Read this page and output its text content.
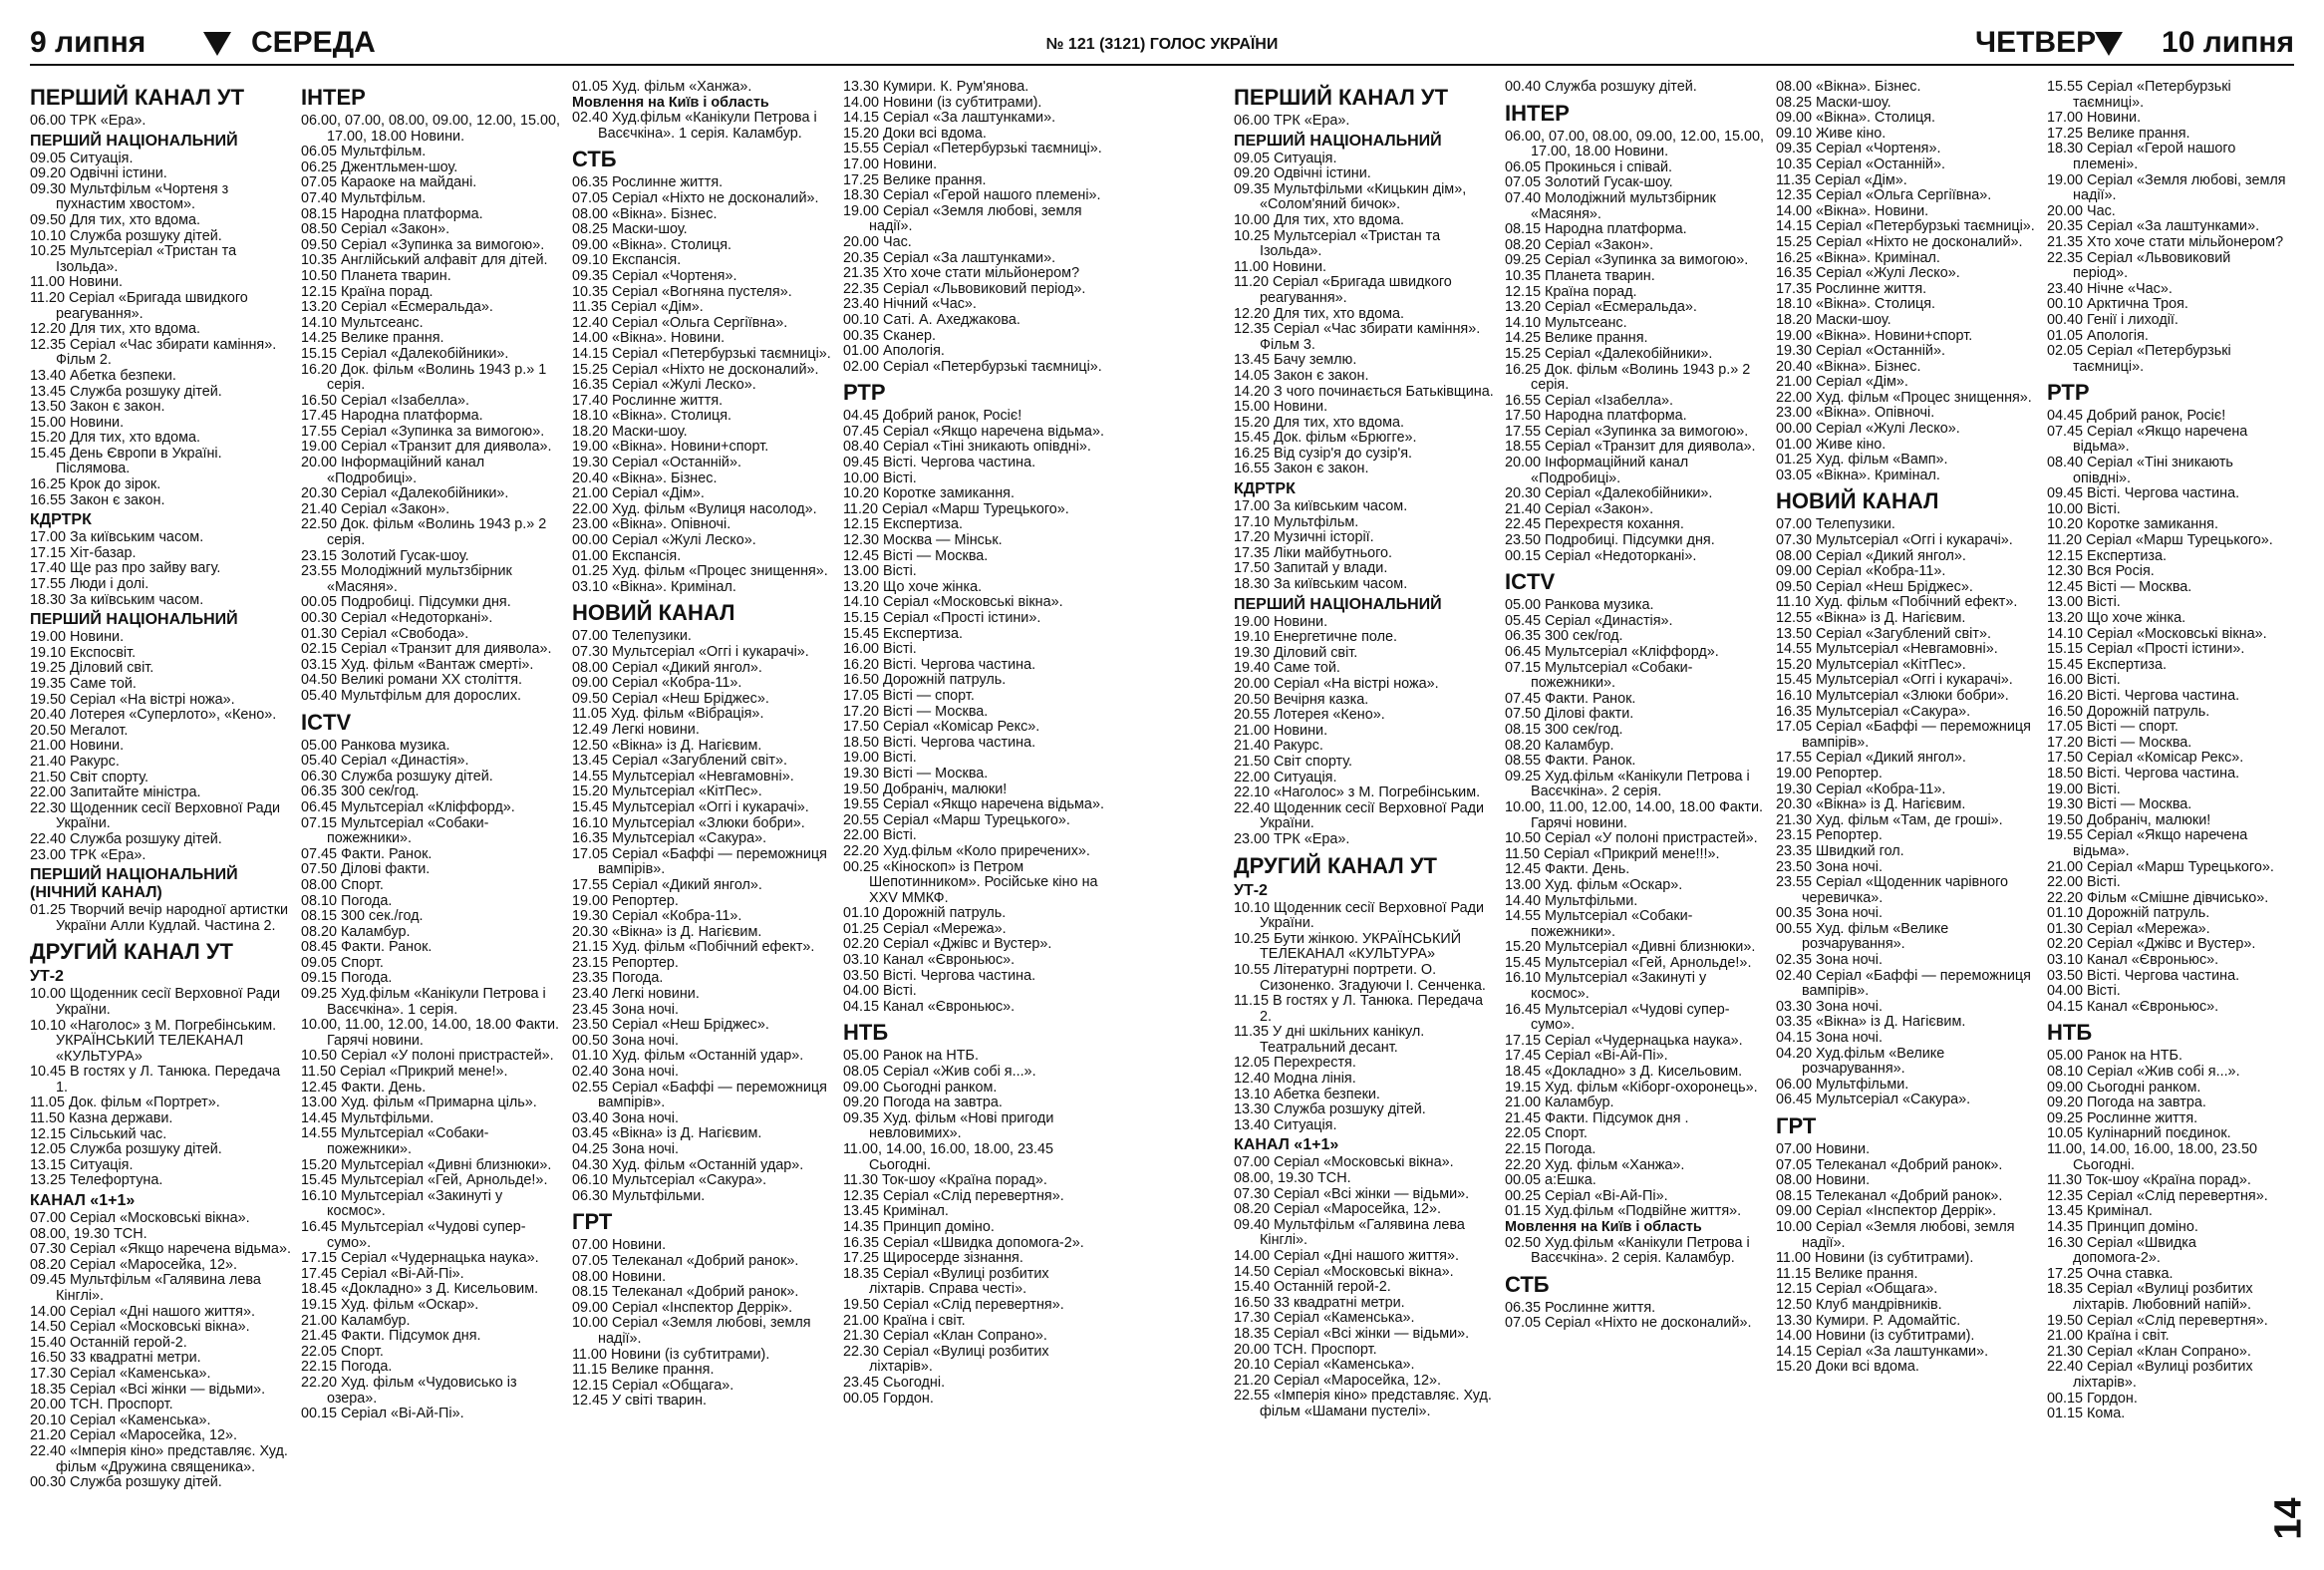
9 липня	СЕРЕДА	№ 121 (3121) ГОЛОС УКРАЇНИ	ЧЕТВЕР 10 липня
ПЕРШИЙ КАНАЛ УТ
06.00 ТРК «Ера».
ПЕРШИЙ НАЦІОНАЛЬНИЙ
09.05 Ситуація.
09.20 Одвічні істини.
09.30 Мультфільм «Чортеня з пухнастим хвостом».
09.50 Для тих, хто вдома.
10.10 Служба розшуку дітей.
10.25 Мультсеріал «Тристан та Ізольда».
11.00 Новини.
11.20 Серіал «Бригада швидкого реагування».
12.20 Для тих, хто вдома.
12.35 Серіал «Час збирати каміння». Фільм 2.
13.40 Абетка безпеки.
13.45 Служба розшуку дітей.
13.50 Закон є закон.
15.00 Новини.
15.20 Для тих, хто вдома.
15.45 День Європи в Україні. Післямова.
16.25 Крок до зірок.
16.55 Закон є закон.
КДРТРК
17.00 За київським часом.
17.15 Хіт-базар.
17.40 Ще раз про зайву вагу.
17.55 Люди і долі.
18.30 За київським часом.
ПЕРШИЙ НАЦІОНАЛЬНИЙ
19.00 Новини.
19.10 Експосвіт.
19.25 Діловий світ.
19.35 Саме той.
19.50 Серіал «На вістрі ножа».
20.40 Лотерея «Суперлото», «Кено».
20.50 Мегалот.
21.00 Новини.
21.40 Ракурс.
21.50 Світ спорту.
22.00 Запитайте міністра.
22.30 Щоденник сесії Верховної Ради України.
22.40 Служба розшуку дітей.
23.00 ТРК «Ера».
ПЕРШИЙ НАЦІОНАЛЬНИЙ (НІЧНИЙ КАНАЛ)
01.25 Творчий вечір народної артистки України Алли Кудлай. Частина 2.
ДРУГИЙ КАНАЛ УТ
УТ-2
10.00 Щоденник сесії Верховної Ради України.
10.10 «Наголос» з М. Погребінським. УКРАЇНСЬКИЙ ТЕЛЕКАНАЛ «КУЛЬТУРА»
10.45 В гостях у Л. Танюка. Передача 1.
11.05 Док. фільм «Портрет».
11.50 Казна держави.
12.15 Сільський час.
12.05 Служба розшуку дітей.
13.15 Ситуація.
13.25 Телефортуна.
КАНАЛ «1+1»
07.00 Серіал «Московські вікна».
08.00, 19.30 ТСН.
07.30 Серіал «Якщо наречена відьма».
08.20 Серіал «Маросейка, 12».
09.45 Мультфільм «Галявина лева Кінглі».
14.00 Серіал «Дні нашого життя».
14.50 Серіал «Московські вікна».
15.40 Останній герой-2.
16.50 33 квадратні метри.
17.30 Серіал «Каменська».
18.35 Серіал «Всі жінки — відьми».
20.00 ТСН. Проспорт.
20.10 Серіал «Каменська».
21.20 Серіал «Маросейка, 12».
22.40 «Імперія кіно» представляє. Худ. фільм «Дружина священика».
00.30 Служба розшуку дітей.
ІНТЕР
06.00, 07.00, 08.00, 09.00, 12.00, 15.00, 17.00, 18.00 Новини.
06.05 Мультфільм.
06.25 Джентльмен-шоу.
07.05 Караоке на майдані.
07.40 Мультфільм.
08.15 Народна платформа.
08.50 Серіал «Закон».
09.50 Серіал «Зупинка за вимогою».
10.35 Англійський алфавіт для дітей.
10.50 Планета тварин.
12.15 Країна порад.
13.20 Серіал «Есмеральда».
14.10 Мультсеанс.
14.25 Велике прання.
15.15 Серіал «Далекобійники».
16.20 Док. фільм «Волинь 1943 р.» 1 серія.
16.50 Серіал «Ізабелла».
17.45 Народна платформа.
17.55 Серіал «Зупинка за вимогою».
19.00 Серіал «Транзит для диявола».
20.00 Інформаційний канал «Подробиці».
20.30 Серіал «Далекобійники».
21.40 Серіал «Закон».
22.50 Док. фільм «Волинь 1943 р.» 2 серія.
23.15 Золотий Гусак-шоу.
23.55 Молодіжний мультзбірник «Масяня».
00.05 Подробиці. Підсумки дня.
00.30 Серіал «Недоторкані».
01.30 Серіал «Свобода».
02.15 Серіал «Транзит для диявола».
03.15 Худ. фільм «Вантаж смерті».
04.50 Великі романи XX століття.
05.40 Мультфільм для дорослих.
ICTV
05.00 Ранкова музика.
05.40 Серіал «Династія».
06.30 Служба розшуку дітей.
06.35 300 сек/год.
06.45 Мультсеріал «Кліффорд».
07.15 Мультсеріал «Собаки-пожежники».
07.45 Факти. Ранок.
07.50 Ділові факти.
08.00 Спорт.
08.10 Погода.
08.15 300 сек./год.
08.20 Каламбур.
08.45 Факти. Ранок.
09.05 Спорт.
09.15 Погода.
09.25 Худ.фільм «Канікули Петрова і Васєчкіна». 1 серія.
10.00, 11.00, 12.00, 14.00, 18.00 Факти. Гарячі новини.
10.50 Серіал «У полоні пристрастей».
11.50 Серіал «Прикрий мене!».
12.45 Факти. День.
13.00 Худ. фільм «Примарна ціль».
14.45 Мультфільми.
14.55 Мультсеріал «Собаки-пожежники».
15.20 Мультсеріал «Дивні близнюки».
15.45 Мультсеріал «Гей, Арнольде!».
16.10 Мультсеріал «Закинуті у космос».
16.45 Мультсеріал «Чудові супер-сумо».
17.15 Серіал «Чудернацька наука».
17.45 Серіал «Ві-Ай-Пі».
18.45 «Докладно» з Д. Кисельовим.
19.15 Худ. фільм «Оскар».
21.00 Каламбур.
21.45 Факти. Підсумок дня.
22.05 Спорт.
22.15 Погода.
22.20 Худ. фільм «Чудовисько із озера».
00.15 Серіал «Ві-Ай-Пі».
01.05 Худ. фільм «Ханжа».
Мовлення на Київ і область
02.40 Худ.фільм «Канікули Петрова і Васєчкіна». 1 серія. Каламбур.
СТБ
06.35 Рослинне життя.
07.05 Серіал «Ніхто не досконалий».
08.00 «Вікна». Бізнес.
08.25 Маски-шоу.
09.00 «Вікна». Столиця.
09.10 Експансія.
09.35 Серіал «Чортеня».
10.35 Серіал «Вогняна пустеля».
11.35 Серіал «Дім».
12.40 Серіал «Ольга Сергіївна».
14.00 «Вікна». Новини.
14.15 Серіал «Петербурзькі таємниці».
15.25 Серіал «Ніхто не досконалий».
16.35 Серіал «Жулі Леско».
17.40 Рослинне життя.
18.10 «Вікна». Столиця.
18.20 Маски-шоу.
19.00 «Вікна». Новини+спорт.
19.30 Серіал «Останній».
20.40 «Вікна». Бізнес.
21.00 Серіал «Дім».
22.00 Худ. фільм «Вулиця насолод».
23.00 «Вікна». Опівночі.
00.00 Серіал «Жулі Леско».
01.00 Експансія.
01.25 Худ. фільм «Процес знищення».
03.10 «Вікна». Кримінал.
НОВИЙ КАНАЛ
07.00 Телепузики.
07.30 Мультсеріал «Оггі і кукарачі».
08.00 Серіал «Дикий янгол».
09.00 Серіал «Кобра-11».
09.50 Серіал «Неш Бріджес».
11.05 Худ. фільм «Вібрація».
12.49 Легкі новини.
12.50 «Вікна» із Д. Нагієвим.
13.45 Серіал «Загублений світ».
14.55 Мультсеріал «Невгамовні».
15.20 Мультсеріал «КітПес».
15.45 Мультсеріал «Оггі і кукарачі».
16.10 Мультсеріал «Злюки бобри».
16.35 Мультсеріал «Сакура».
17.05 Серіал «Баффі — переможниця вампірів».
17.55 Серіал «Дикий янгол».
19.00 Репортер.
19.30 Серіал «Кобра-11».
20.30 «Вікна» із Д. Нагієвим.
21.15 Худ. фільм «Побічний ефект».
23.15 Репортер.
23.35 Погода.
23.40 Легкі новини.
23.45 Зона ночі.
23.50 Серіал «Неш Бріджес».
00.50 Зона ночі.
01.10 Худ. фільм «Останній удар».
02.40 Зона ночі.
02.55 Серіал «Баффі — переможниця вампірів».
03.40 Зона ночі.
03.45 «Вікна» із Д. Нагієвим.
04.25 Зона ночі.
04.30 Худ. фільм «Останній удар».
06.10 Мультсеріал «Сакура».
06.30 Мультфільми.
ГРТ
07.00 Новини.
07.05 Телеканал «Добрий ранок».
08.00 Новини.
08.15 Телеканал «Добрий ранок».
09.00 Серіал «Інспектор Деррік».
10.00 Серіал «Земля любові, земля надії».
11.00 Новини (із субтитрами).
11.15 Велике прання.
12.15 Серіал «Общага».
12.45 У світі тварин.
13.30 Кумири. К. Рум'янова.
14.00 Новини (із субтитрами).
14.15 Серіал «За лаштунками».
15.20 Доки всі вдома.
15.55 Серіал «Петербурзькі таємниці».
17.00 Новини.
17.25 Велике прання.
18.30 Серіал «Герой нашого племені».
19.00 Серіал «Земля любові, земля надії».
20.00 Час.
20.35 Серіал «За лаштунками».
21.35 Хто хоче стати мільйонером?
22.35 Серіал «Львовиковий період».
23.40 Нічний «Час».
00.10 Саті. А. Ахеджакова.
00.35 Сканер.
01.00 Апологія.
02.00 Серіал «Петербурзькі таємниці».
РТР
04.45 Добрий ранок, Росіє!
07.45 Серіал «Якщо наречена відьма».
08.40 Серіал «Тіні зникають опівдні».
09.45 Вісті. Чергова частина.
10.00 Вісті.
10.20 Коротке замикання.
11.20 Серіал «Марш Турецького».
12.15 Експертиза.
12.30 Москва — Мінськ.
12.45 Вісті — Москва.
13.00 Вісті.
13.20 Що хоче жінка.
14.10 Серіал «Московські вікна».
15.15 Серіал «Прості істини».
15.45 Експертиза.
16.00 Вісті.
16.20 Вісті. Чергова частина.
16.50 Дорожній патруль.
17.05 Вісті — спорт.
17.20 Вісті — Москва.
17.50 Серіал «Комісар Рекс».
18.50 Вісті. Чергова частина.
19.00 Вісті.
19.30 Вісті — Москва.
19.50 Добраніч, малюки!
19.55 Серіал «Якщо наречена відьма».
20.55 Серіал «Марш Турецького».
22.00 Вісті.
22.20 Худ.фільм «Коло приречених».
00.25 «Кіноскоп» із Петром Шепотинником». Російське кіно на XXV ММКФ.
01.10 Дорожній патруль.
01.25 Серіал «Мережа».
02.20 Серіал «Джівс и Вустер».
03.10 Канал «Євроньюс».
03.50 Вісті. Чергова частина.
04.00 Вісті.
04.15 Канал «Євроньюс».
НТБ
05.00 Ранок на НТБ.
08.05 Серіал «Жив собі я...».
09.00 Сьогодні ранком.
09.20 Погода на завтра.
09.35 Худ. фільм «Нові пригоди невловимих».
11.00, 14.00, 16.00, 18.00, 23.45 Сьогодні.
11.30 Ток-шоу «Країна порад».
12.35 Серіал «Слід перевертня».
13.45 Кримінал.
14.35 Принцип доміно.
16.35 Серіал «Швидка допомога-2».
17.25 Щиросерде зізнання.
18.35 Серіал «Вулиці розбитих ліхтарів. Справа честі».
19.50 Серіал «Слід перевертня».
21.00 Країна і світ.
21.30 Серіал «Клан Сопрано».
22.30 Серіал «Вулиці розбитих ліхтарів».
23.45 Сьогодні.
00.05 Гордон.
ПЕРШИЙ КАНАЛ УТ
06.00 ТРК «Ера».
ПЕРШИЙ НАЦІОНАЛЬНИЙ
09.05 Ситуація.
09.20 Одвічні істини.
09.35 Мультфільми «Кицькин дім», «Солом'яний бичок».
10.00 Для тих, хто вдома.
10.25 Мультсеріал «Тристан та Ізольда».
11.00 Новини.
11.20 Серіал «Бригада швидкого реагування».
12.20 Для тих, хто вдома.
12.35 Серіал «Час збирати каміння». Фільм 3.
13.45 Бачу землю.
14.05 Закон є закон.
14.20 З чого починається Батьківщина.
15.00 Новини.
15.20 Для тих, хто вдома.
15.45 Док. фільм «Брюгге».
16.25 Від сузір'я до сузір'я.
16.55 Закон є закон.
КДРТРК
17.00 За київським часом.
17.10 Мультфільм.
17.20 Музичні історії.
17.35 Ліки майбутнього.
17.50 Запитай у влади.
18.30 За київським часом.
ПЕРШИЙ НАЦІОНАЛЬНИЙ
19.00 Новини.
19.10 Енергетичне поле.
19.30 Діловий світ.
19.40 Саме той.
20.00 Серіал «На вістрі ножа».
20.50 Вечірня казка.
20.55 Лотерея «Кено».
21.00 Новини.
21.40 Ракурс.
21.50 Світ спорту.
22.00 Ситуація.
22.10 «Наголос» з М. Погребінським.
22.40 Щоденник сесії Верховної Ради України.
23.00 ТРК «Ера».
ДРУГИЙ КАНАЛ УТ
УТ-2
10.10 Щоденник сесії Верховної Ради України.
10.25 Бути жінкою. УКРАЇНСЬКИЙ ТЕЛЕКАНАЛ «КУЛЬТУРА»
10.55 Літературні портрети. О. Сизоненко. Згадуючи І. Сенченка.
11.15 В гостях у Л. Танюка. Передача 2.
11.35 У дні шкільних канікул. Театральний десант.
12.05 Перехрестя.
12.40 Модна лінія.
13.10 Абетка безпеки.
13.30 Служба розшуку дітей.
13.40 Ситуація.
КАНАЛ «1+1»
07.00 Серіал «Московські вікна».
08.00, 19.30 ТСН.
07.30 Серіал «Всі жінки — відьми».
08.20 Серіал «Маросейка, 12».
09.40 Мультфільм «Галявина лева Кінглі».
14.00 Серіал «Дні нашого життя».
14.50 Серіал «Московські вікна».
15.40 Останній герой-2.
16.50 33 квадратні метри.
17.30 Серіал «Каменська».
18.35 Серіал «Всі жінки — відьми».
20.00 ТСН. Проспорт.
20.10 Серіал «Каменська».
21.20 Серіал «Маросейка, 12».
22.55 «Імперія кіно» представляє. Худ. фільм «Шамани пустелі».
00.40 Служба розшуку дітей.
ІНТЕР
06.00, 07.00, 08.00, 09.00, 12.00, 15.00, 17.00, 18.00 Новини.
06.05 Прокинься і співай.
07.05 Золотий Гусак-шоу.
07.40 Молодіжний мультзбірник «Масяня».
08.15 Народна платформа.
08.20 Серіал «Закон».
09.25 Серіал «Зупинка за вимогою».
10.35 Планета тварин.
12.15 Країна порад.
13.20 Серіал «Есмеральда».
14.10 Мультсеанс.
14.25 Велике прання.
15.25 Серіал «Далекобійники».
16.25 Док. фільм «Волинь 1943 р.» 2 серія.
16.55 Серіал «Ізабелла».
17.50 Народна платформа.
17.55 Серіал «Зупинка за вимогою».
18.55 Серіал «Транзит для диявола».
20.00 Інформаційний канал «Подробиці».
20.30 Серіал «Далекобійники».
21.40 Серіал «Закон».
22.45 Перехрестя кохання.
23.50 Подробиці. Підсумки дня.
00.15 Серіал «Недоторкані».
ICTV
05.00 Ранкова музика.
05.45 Серіал «Династія».
06.35 300 сек/год.
06.45 Мультсеріал «Кліффорд».
07.15 Мультсеріал «Собаки-пожежники».
07.45 Факти. Ранок.
07.50 Ділові факти.
08.15 300 сек/год.
08.20 Каламбур.
08.55 Факти. Ранок.
09.25 Худ.фільм «Канікули Петрова і Васєчкіна». 2 серія.
10.00, 11.00, 12.00, 14.00, 18.00 Факти. Гарячі новини.
10.50 Серіал «У полоні пристрастей».
11.50 Серіал «Прикрий мене!!!».
12.45 Факти. День.
13.00 Худ. фільм «Оскар».
14.40 Мультфільми.
14.55 Мультсеріал «Собаки-пожежники».
15.20 Мультсеріал «Дивні близнюки».
15.45 Мультсеріал «Гей, Арнольде!».
16.10 Мультсеріал «Закинуті у космос».
16.45 Мультсеріал «Чудові супер-сумо».
17.15 Серіал «Чудернацька наука».
17.45 Серіал «Ві-Ай-Пі».
18.45 «Докладно» з Д. Кисельовим.
19.15 Худ. фільм «Кіборг-охоронець».
21.00 Каламбур.
21.45 Факти. Підсумок дня .
22.05 Спорт.
22.15 Погода.
22.20 Худ. фільм «Ханжа».
00.05 а:Ешка.
00.25 Серіал «Ві-Ай-Пі».
01.15 Худ.фільм «Подвійне життя».
Мовлення на Київ і область
02.50 Худ.фільм «Канікули Петрова і Васєчкіна». 2 серія. Каламбур.
СТБ
06.35 Рослинне життя.
07.05 Серіал «Ніхто не досконалий».
08.00 «Вікна». Бізнес.
08.25 Маски-шоу.
09.00 «Вікна». Столиця.
09.10 Живе кіно.
09.35 Серіал «Чортеня».
10.35 Серіал «Останній».
11.35 Серіал «Дім».
12.35 Серіал «Ольга Сергіївна».
14.00 «Вікна». Новини.
14.15 Серіал «Петербурзькі таємниці».
15.25 Серіал «Ніхто не досконалий».
16.25 «Вікна». Кримінал.
16.35 Серіал «Жулі Леско».
17.35 Рослинне життя.
18.10 «Вікна». Столиця.
18.20 Маски-шоу.
19.00 «Вікна». Новини+спорт.
19.30 Серіал «Останній».
20.40 «Вікна». Бізнес.
21.00 Серіал «Дім».
22.00 Худ. фільм «Процес знищення».
23.00 «Вікна». Опівночі.
00.00 Серіал «Жулі Леско».
01.00 Живе кіно.
01.25 Худ. фільм «Вамп».
03.05 «Вікна». Кримінал.
НОВИЙ КАНАЛ
07.00 Телепузики.
07.30 Мультсеріал «Оггі і кукарачі».
08.00 Серіал «Дикий янгол».
09.00 Серіал «Кобра-11».
09.50 Серіал «Неш Бріджес».
11.10 Худ. фільм «Побічний ефект».
12.55 «Вікна» із Д. Нагієвим.
13.50 Серіал «Загублений світ».
14.55 Мультсеріал «Невгамовні».
15.20 Мультсеріал «КітПес».
15.45 Мультсеріал «Оггі і кукарачі».
16.10 Мультсеріал «Злюки бобри».
16.35 Мультсеріал «Сакура».
17.05 Серіал «Баффі — переможниця вампірів».
17.55 Серіал «Дикий янгол».
19.00 Репортер.
19.30 Серіал «Кобра-11».
20.30 «Вікна» із Д. Нагієвим.
21.30 Худ. фільм «Там, де гроші».
23.15 Репортер.
23.35 Швидкий гол.
23.50 Зона ночі.
23.55 Серіал «Щоденник чарівного черевичка».
00.35 Зона ночі.
00.55 Худ. фільм «Велике розчарування».
02.35 Зона ночі.
02.40 Серіал «Баффі — переможниця вампірів».
03.30 Зона ночі.
03.35 «Вікна» із Д. Нагієвим.
04.15 Зона ночі.
04.20 Худ.фільм «Велике розчарування».
06.00 Мультфільми.
06.45 Мультсеріал «Сакура».
ГРТ
07.00 Новини.
07.05 Телеканал «Добрий ранок».
08.00 Новини.
08.15 Телеканал «Добрий ранок».
09.00 Серіал «Інспектор Деррік».
10.00 Серіал «Земля любові, земля надії».
11.00 Новини (із субтитрами).
11.15 Велике прання.
12.15 Серіал «Общага».
12.50 Клуб мандрівників.
13.30 Кумири. Р. Адомайтіс.
14.00 Новини (із субтитрами).
14.15 Серіал «За лаштунками».
15.20 Доки всі вдома.
15.55 Серіал «Петербурзькі таємниці».
17.00 Новини.
17.25 Велике прання.
18.30 Серіал «Герой нашого племені».
19.00 Серіал «Земля любові, земля надії».
20.00 Час.
20.35 Серіал «За лаштунками».
21.35 Хто хоче стати мільйонером?
22.35 Серіал «Львовиковий період».
23.40 Нічне «Час».
00.10 Арктична Троя.
00.40 Генії і лиходії.
01.05 Апологія.
02.05 Серіал «Петербурзькі таємниці».
РТР
04.45 Добрий ранок, Росіє!
07.45 Серіал «Якщо наречена відьма».
08.40 Серіал «Тіні зникають опівдні».
09.45 Вісті. Чергова частина.
10.00 Вісті.
10.20 Коротке замикання.
11.20 Серіал «Марш Турецького».
12.15 Експертиза.
12.30 Вся Росія.
12.45 Вісті — Москва.
13.00 Вісті.
13.20 Що хоче жінка.
14.10 Серіал «Московські вікна».
15.15 Серіал «Прості істини».
15.45 Експертиза.
16.00 Вісті.
16.20 Вісті. Чергова частина.
16.50 Дорожній патруль.
17.05 Вісті — спорт.
17.20 Вісті — Москва.
17.50 Серіал «Комісар Рекс».
18.50 Вісті. Чергова частина.
19.00 Вісті.
19.30 Вісті — Москва.
19.50 Добраніч, малюки!
19.55 Серіал «Якщо наречена відьма».
21.00 Серіал «Марш Турецького».
22.00 Вісті.
22.20 Фільм «Смішне дівчисько».
01.10 Дорожній патруль.
01.30 Серіал «Мережа».
02.20 Серіал «Джівс и Вустер».
03.10 Канал «Євроньюс».
03.50 Вісті. Чергова частина.
04.00 Вісті.
04.15 Канал «Євроньюс».
НТБ
05.00 Ранок на НТБ.
08.10 Серіал «Жив собі я...».
09.00 Сьогодні ранком.
09.20 Погода на завтра.
09.25 Рослинне життя.
10.05 Кулінарний поєдинок.
11.00, 14.00, 16.00, 18.00, 23.50 Сьогодні.
11.30 Ток-шоу «Країна порад».
12.35 Серіал «Слід перевертня».
13.45 Кримінал.
14.35 Принцип доміно.
16.30 Серіал «Швидка допомога-2».
17.25 Очна ставка.
18.35 Серіал «Вулиці розбитих ліхтарів. Любовний напій».
19.50 Серіал «Слід перевертня».
21.00 Країна і світ.
21.30 Серіал «Клан Сопрано».
22.40 Серіал «Вулиці розбитих ліхтарів».
00.15 Гордон.
01.15 Кома.
14
